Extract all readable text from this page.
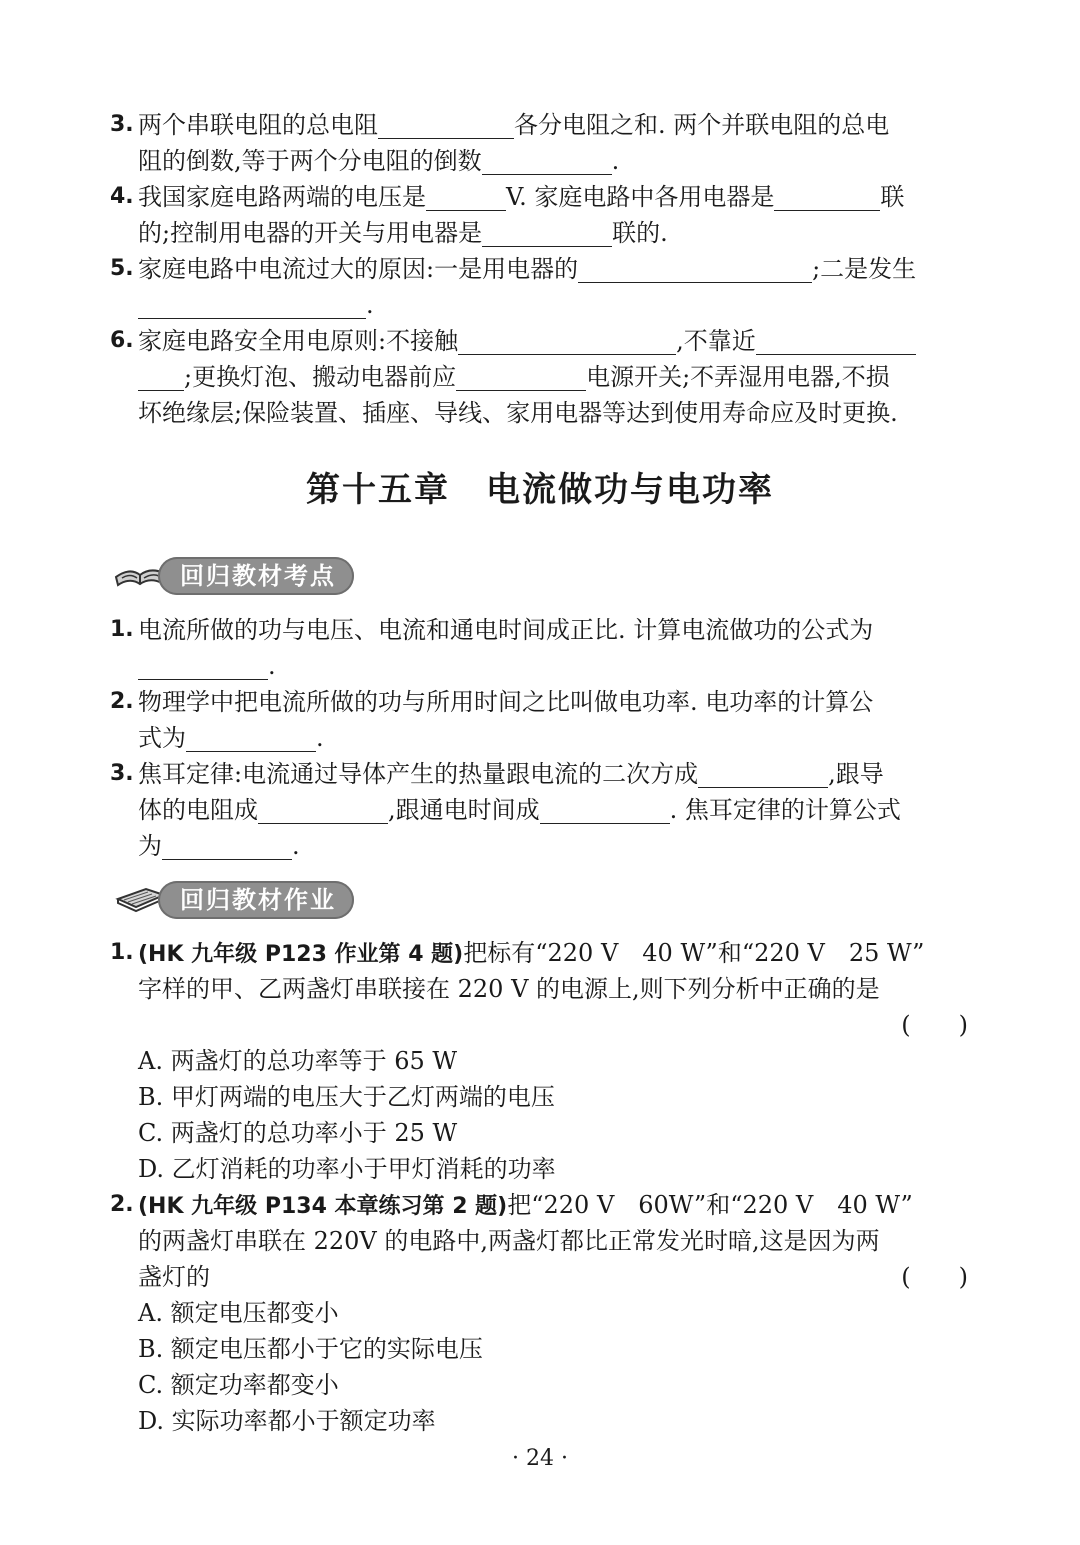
3. 两个串联电阻的总电阻	各分电阻之和. 两个并联电阻的总电
阻的倒数,等于两个分电阻的倒数	.
4. 我国家庭电路两端的电压是	V. 家庭电路中各用电器是	联
的;控制用电器的开关与用电器是	联的.
5. 家庭电路中电流过大的原因:一是用电器的	;二是发生
.
6. 家庭电路安全用电原则:不接触	,不靠近
;更换灯泡、搬动电器前应	电源开关;不弄湿用电器,不损
坏绝缘层;保险装置、插座、导线、家用电器等达到使用寿命应及时更换.
第十五章　电流做功与电功率
回归教材考点
1. 电流所做的功与电压、电流和通电时间成正比. 计算电流做功的公式为
.
2. 物理学中把电流所做的功与所用时间之比叫做电功率. 电功率的计算公
式为	.
3. 焦耳定律:电流通过导体产生的热量跟电流的二次方成	,跟导
体的电阻成	,跟通电时间成	. 焦耳定律的计算公式
为	.
回归教材作业
1. (HK 九年级 P123 作业第 4 题)把标有“220 V　40 W”和“220 V　25 W”
字样的甲、乙两盏灯串联接在 220 V 的电源上,则下列分析中正确的是
(　　)
A. 两盏灯的总功率等于 65 W
B. 甲灯两端的电压大于乙灯两端的电压
C. 两盏灯的总功率小于 25 W
D. 乙灯消耗的功率小于甲灯消耗的功率
2. (HK 九年级 P134 本章练习第 2 题)把“220 V　60W”和“220 V　40 W”
的两盏灯串联在 220V 的电路中,两盏灯都比正常发光时暗,这是因为两
盏灯的	(　　)
A. 额定电压都变小
B. 额定电压都小于它的实际电压
C. 额定功率都变小
D. 实际功率都小于额定功率
· 24 ·
